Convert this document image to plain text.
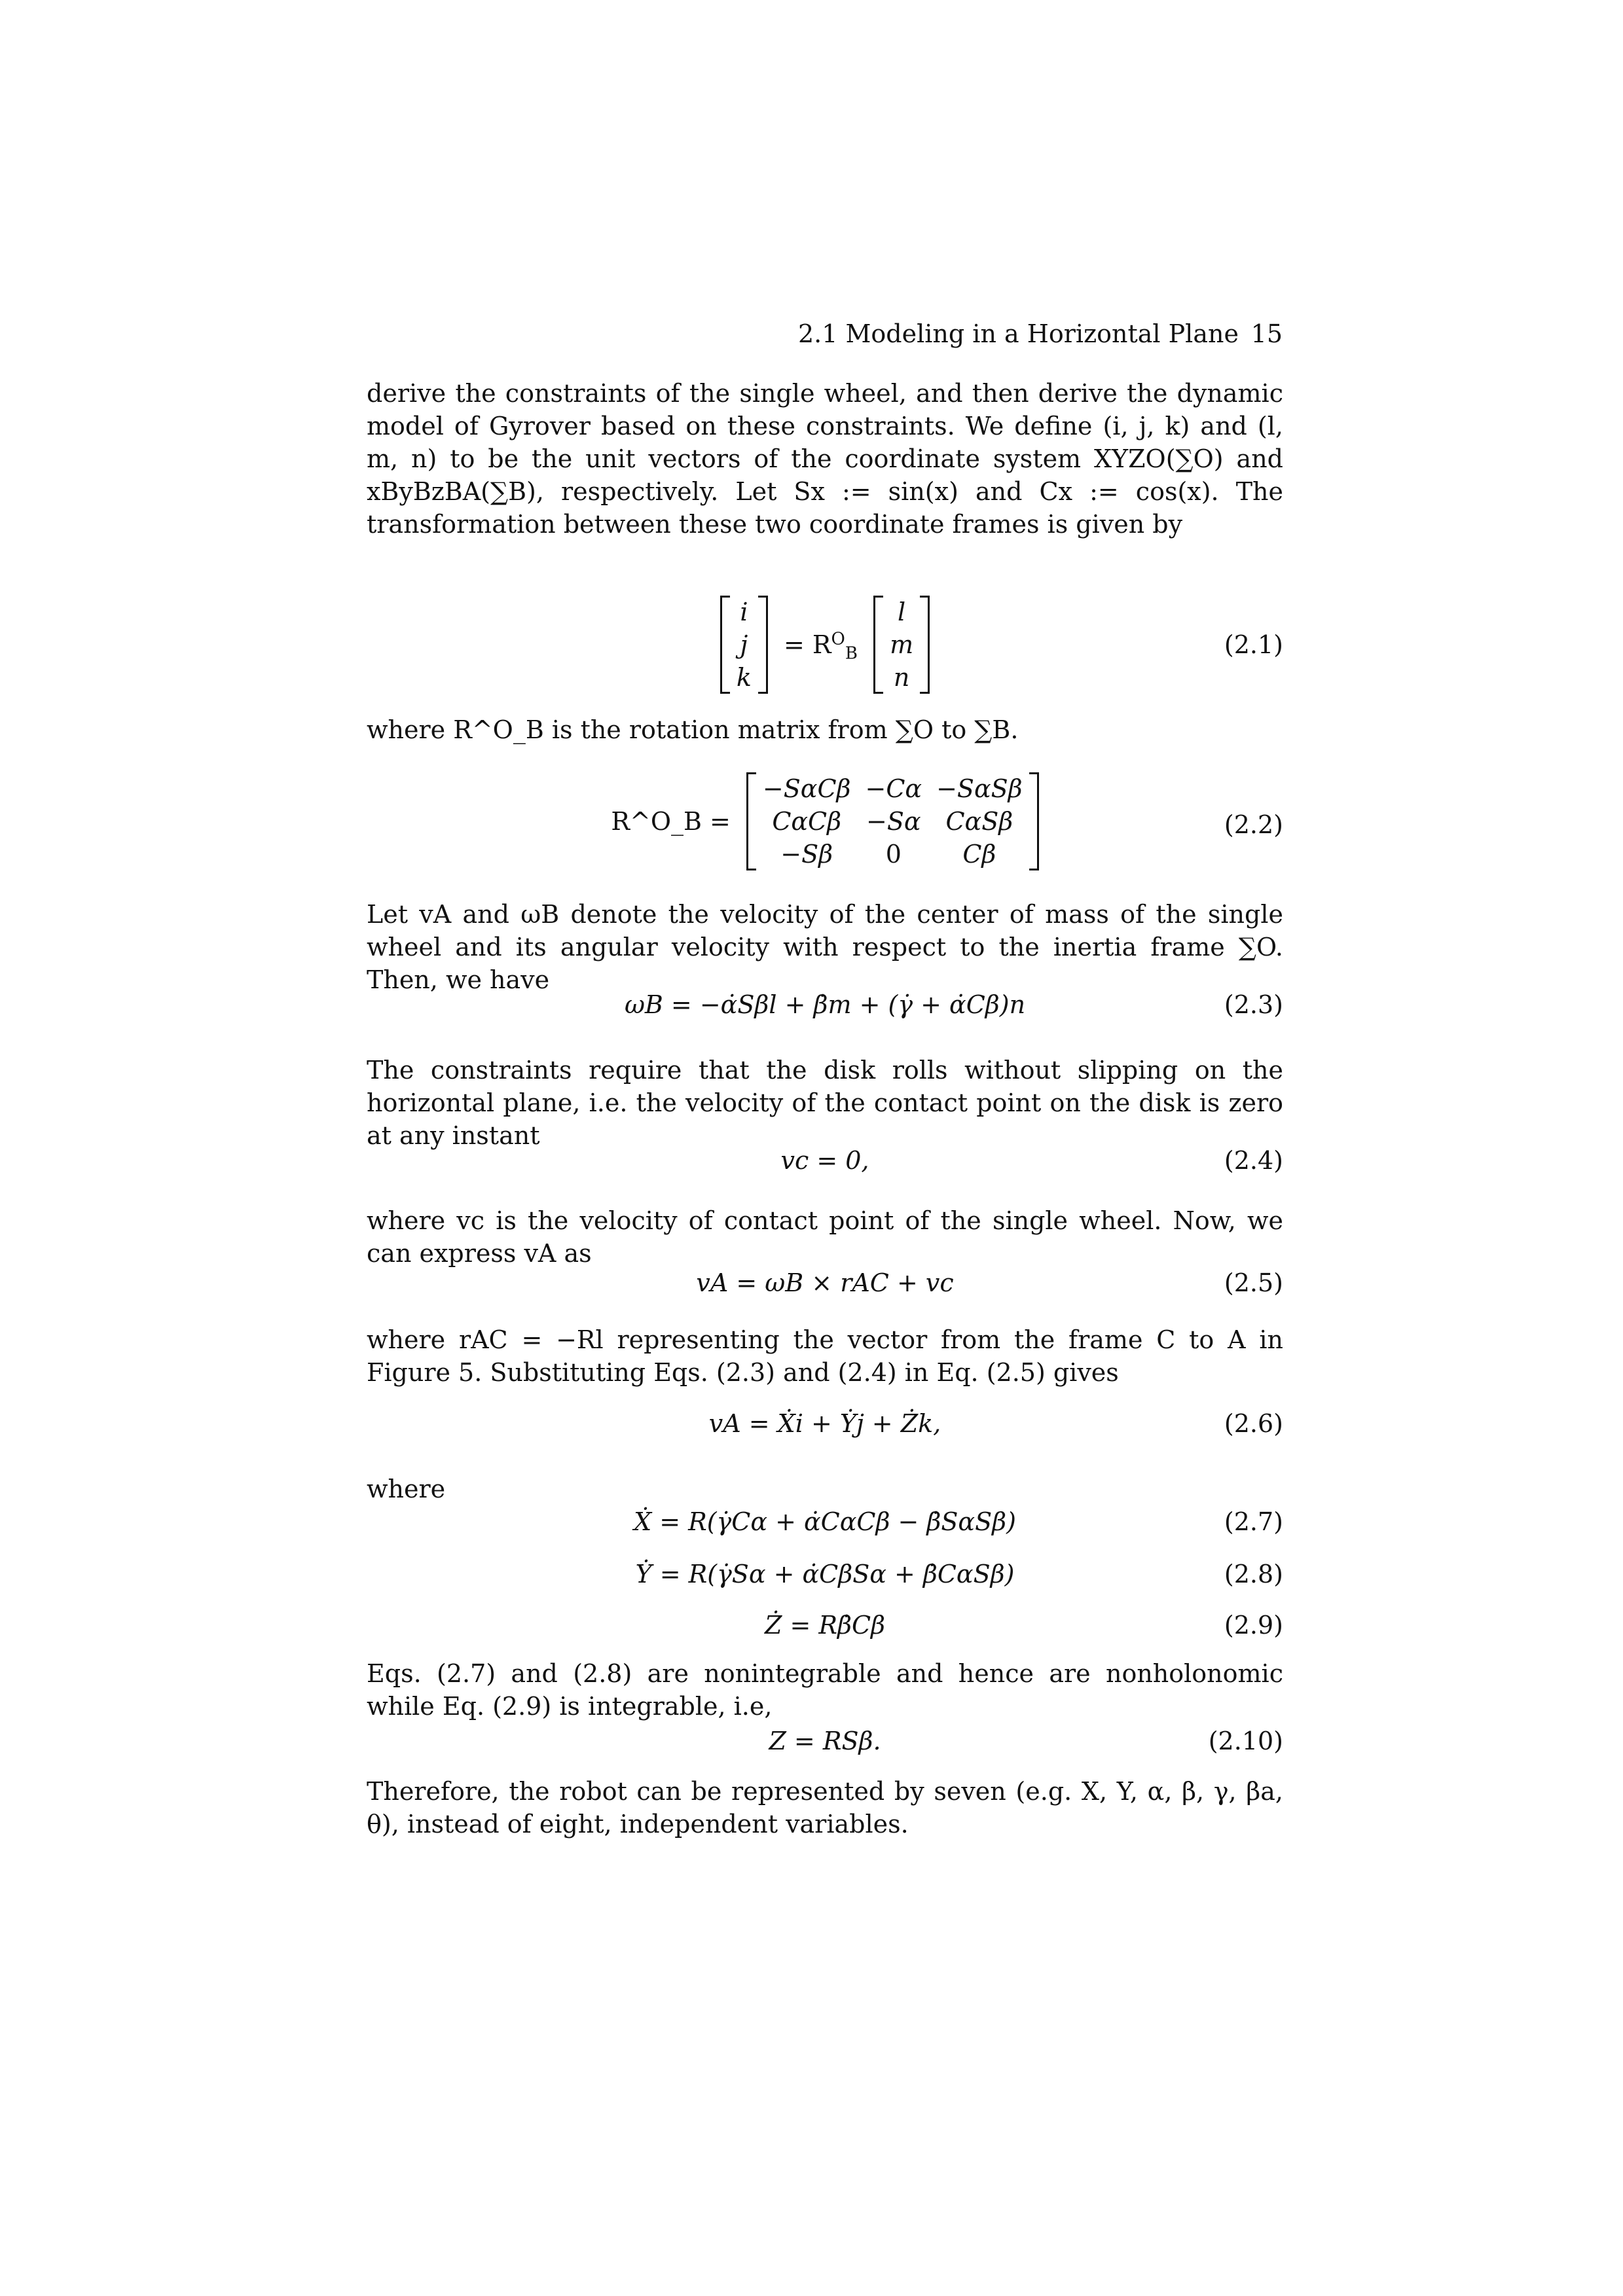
2.1 Modeling in a Horizontal Plane 15
derive the constraints of the single wheel, and then derive the dynamic model of Gyrover based on these constraints. We define (i, j, k) and (l, m, n) to be the unit vectors of the coordinate system XYZO(∑O) and xByBzBA(∑B), respectively. Let Sx := sin(x) and Cx := cos(x). The transformation between these two coordinate frames is given by
i
j
k
= $R^O_B$
l
m
n
(2.1)
where R^O_B is the rotation matrix from ∑O to ∑B.
R^O_B =
−SαCβ −Cα −SαSβ
CαCβ −Sα CαSβ
−Sβ	0	Cβ
(2.2)
Let vA and ωB denote the velocity of the center of mass of the single wheel and its angular velocity with respect to the inertia frame ∑O. Then, we have
ωB = −α̇Sβl + β̇m + (γ̇ + α̇Cβ)n	(2.3)
The constraints require that the disk rolls without slipping on the horizontal plane, i.e. the velocity of the contact point on the disk is zero at any instant
vc = 0,	(2.4)
where vc is the velocity of contact point of the single wheel. Now, we can express vA as
vA = ωB × rAC + vc	(2.5)
where rAC = −Rl representing the vector from the frame C to A in Figure 5. Substituting Eqs. (2.3) and (2.4) in Eq. (2.5) gives
vA = Ẋi + Ẏj + Żk,	(2.6)
where
Ẋ = R(γ̇Cα + α̇CαCβ − β̇SαSβ)	(2.7)
Ẏ = R(γ̇Sα + α̇CβSα + β̇CαSβ)	(2.8)
Ż = Rβ̇Cβ	(2.9)
Eqs. (2.7) and (2.8) are nonintegrable and hence are nonholonomic while Eq. (2.9) is integrable, i.e,
Z = RSβ.	(2.10)
Therefore, the robot can be represented by seven (e.g. X, Y, α, β, γ, βa, θ), instead of eight, independent variables.
